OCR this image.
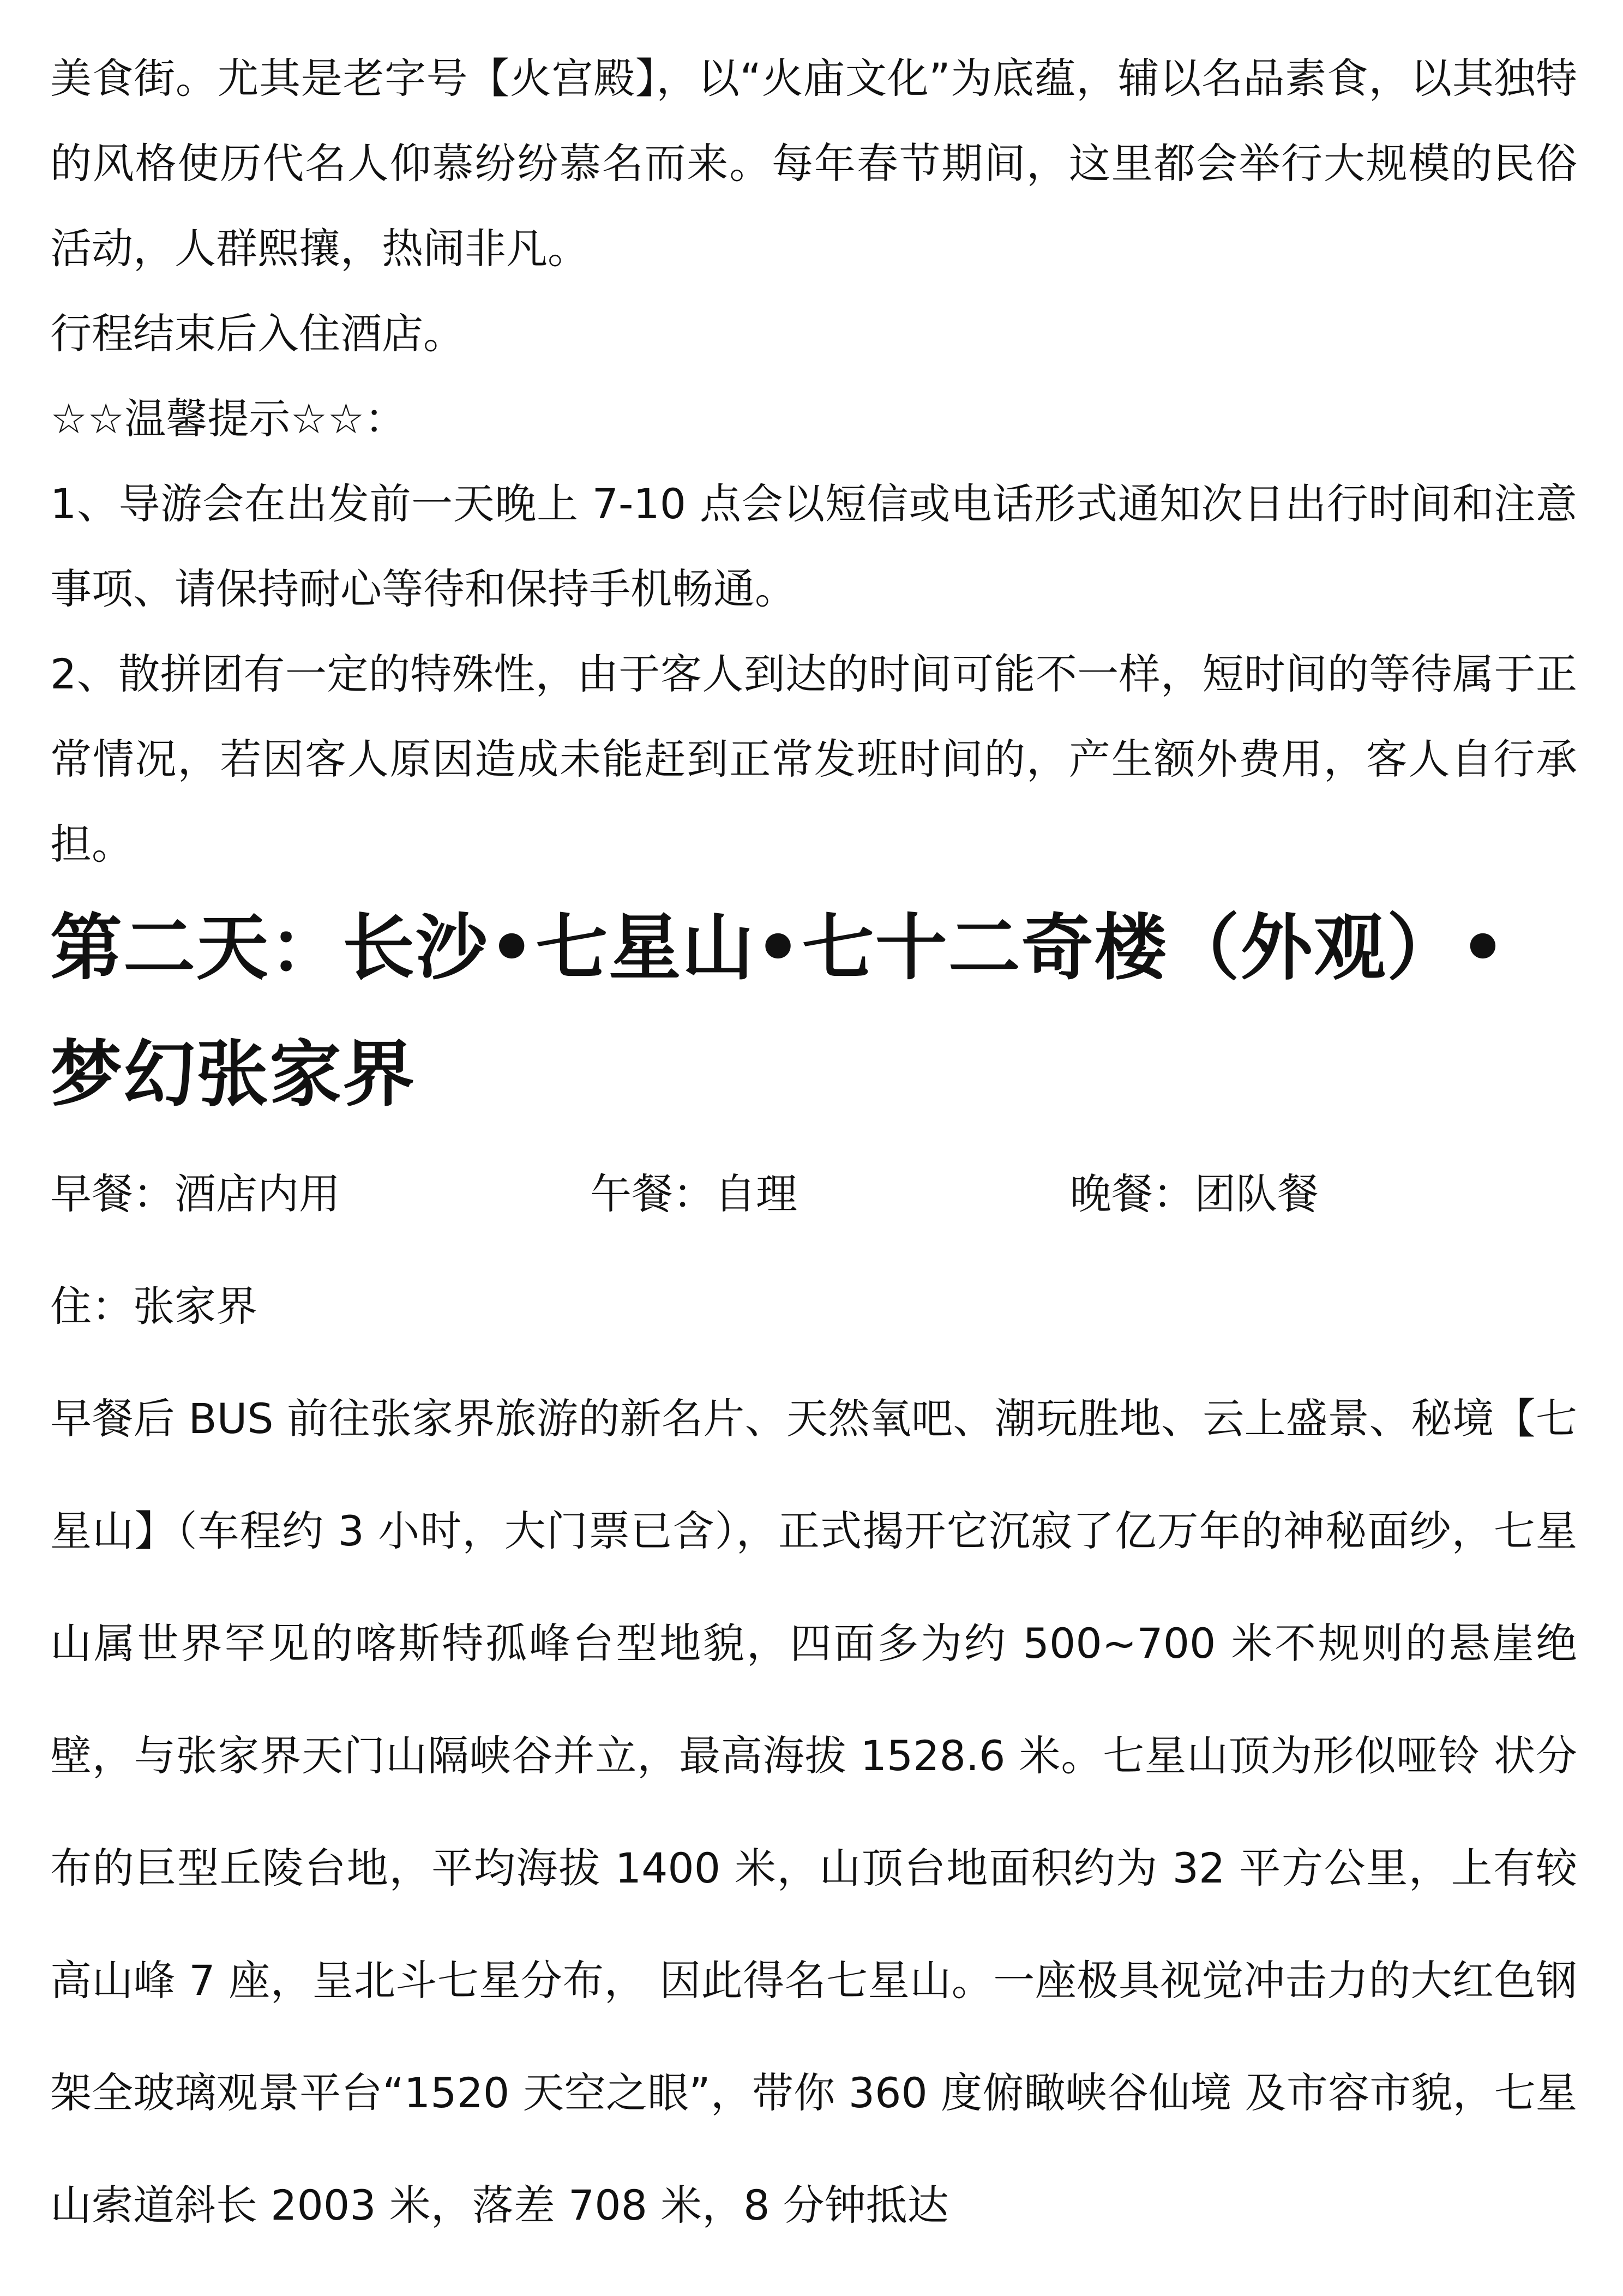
美食街。尤其是老字号【火宫殿】，以“火庙文化”为底蕴，辅以名品素食，以其独特的风格使历代名人仰慕纷纷慕名而来。每年春节期间，这里都会举行大规模的民俗活动，人群熙攘，热闹非凡。

行程结束后入住酒店。

☆☆温馨提示☆☆：

1、导游会在出发前一天晚上 7-10 点会以短信或电话形式通知次日出行时间和注意事项、请保持耐心等待和保持手机畅通。

2、散拼团有一定的特殊性，由于客人到达的时间可能不一样，短时间的等待属于正常情况，若因客人原因造成未能赶到正常发班时间的，产生额外费用，客人自行承担。

第二天：长沙•七星山•七十二奇楼（外观）•梦幻张家界
早餐：酒店内用	午餐：自理	晚餐：团队餐

住：张家界

早餐后 BUS 前往张家界旅游的新名片、天然氧吧、潮玩胜地、云上盛景、秘境【七星山】（车程约 3 小时，大门票已含），正式揭开它沉寂了亿万年的神秘面纱，七星山属世界罕见的喀斯特孤峰台型地貌，四面多为约 500~700 米不规则的悬崖绝壁，与张家界天门山隔峡谷并立，最高海拔 1528.6 米。七星山顶为形似哑铃 状分布的巨型丘陵台地，平均海拔 1400 米，山顶台地面积约为 32 平方公里，上有较高山峰 7 座，呈北斗七星分布， 因此得名七星山。一座极具视觉冲击力的大红色钢架全玻璃观景平台“1520 天空之眼”，带你 360 度俯瞰峡谷仙境 及市容市貌，七星山索道斜长 2003 米，落差 708 米，8 分钟抵达
